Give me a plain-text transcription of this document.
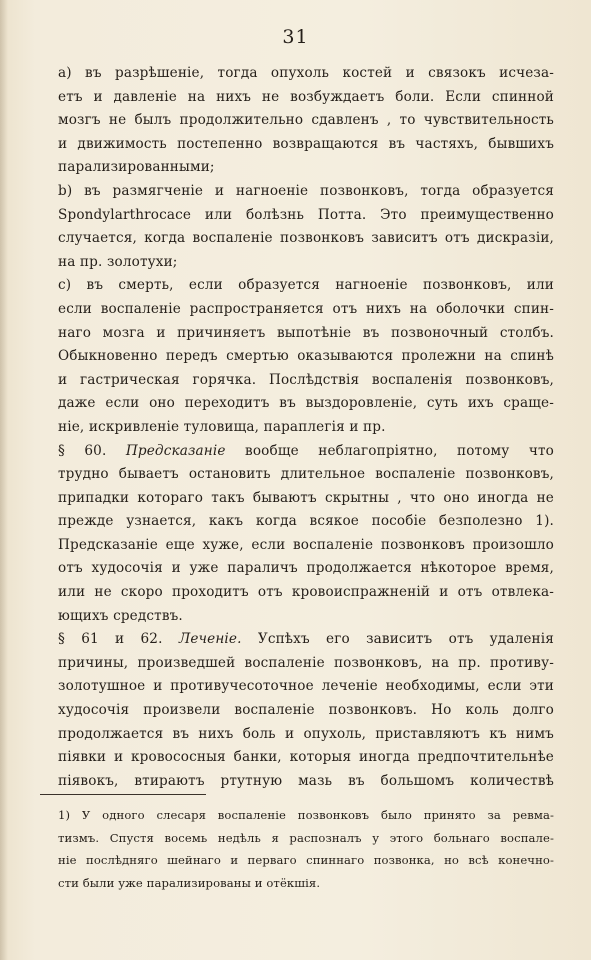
31
a) въ разрѣшеніе, тогда опухоль костей и связокъ исчеза-
етъ и давленіе на нихъ не возбуждаетъ боли. Если спинной
мозгъ не былъ продолжительно сдавленъ , то чувствительность
и движимость постепенно возвращаются въ частяхъ, бывшихъ
парализированными;
b) въ размягченіе и нагноеніе позвонковъ, тогда образуется
Spondylarthrocace или болѣзнь Потта. Это преимущественно
случается, когда воспаленіе позвонковъ зависитъ отъ дискразіи,
на пр. золотухи;
c) въ смерть, если образуется нагноеніе позвонковъ, или
если воспаленіе распространяется отъ нихъ на оболочки спин-
наго мозга и причиняетъ выпотѣніе въ позвоночный столбъ.
Обыкновенно передъ смертью оказываются пролежни на спинѣ
и гастрическая горячка. Послѣдствія воспаленія позвонковъ,
даже если оно переходитъ въ выздоровленіе, суть ихъ сраще-
ніе, искривленіе туловища, параплегія и пр.
§ 60. Предсказаніе вообще неблагопріятно, потому что
трудно бываетъ остановить длительное воспаленіе позвонковъ,
припадки котораго такъ бываютъ скрытны , что оно иногда не
прежде узнается, какъ когда всякое пособіе безполезно 1).
Предсказаніе еще хуже, если воспаленіе позвонковъ произошло
отъ худосочія и уже параличъ продолжается нѣкоторое время,
или не скоро проходитъ отъ кровоиспражненій и отъ отвлека-
ющихъ средствъ.
§ 61 и 62. Леченіе. Успѣхъ его зависитъ отъ удаленія
причины, произведшей воспаленіе позвонковъ, на пр. противу-
золотушное и противучесоточное леченіе необходимы, если эти
худосочія произвели воспаленіе позвонковъ. Но коль долго
продолжается въ нихъ боль и опухоль, приставляютъ къ нимъ
піявки и кровососныя банки, которыя иногда предпочтительнѣе
піявокъ, втираютъ ртутную мазь въ большомъ количествѣ
1) У одного слесаря воспаленіе позвонковъ было принято за ревма-
тизмъ. Спустя восемь недѣль я распозналъ у этого больнаго воспале-
ніе послѣдняго шейнаго и перваго спиннаго позвонка, но всѣ конечно-
сти были уже парализированы и отёкшія.
